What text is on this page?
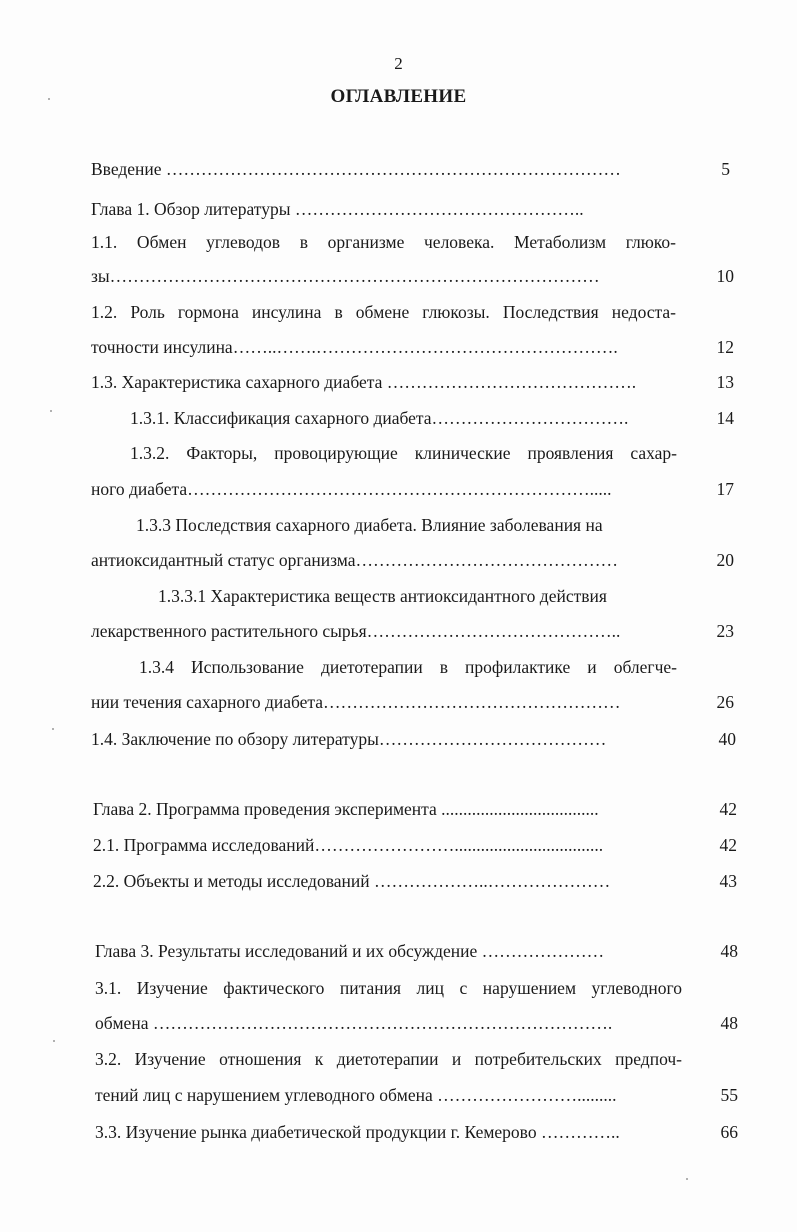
2
ОГЛАВЛЕНИЕ
Введение ……………………………………………………………………	5
Глава 1. Обзор литературы …………………………………………..
1.1. Обмен углеводов в организме человека. Метаболизм глюко-
зы…………………………………………………………………………	10
1.2. Роль гормона инсулина в обмене глюкозы. Последствия недоста-
точности инсулина……..…….…………………………………………….	12
1.3. Характеристика сахарного диабета …………………………………….	13
1.3.1. Классификация сахарного диабета…………………………….	14
1.3.2. Факторы, провоцирующие клинические проявления сахар-
ного диабета…………………………………………………………….....	17
1.3.3 Последствия сахарного диабета. Влияние заболевания на
антиоксидантный статус организма………………………………………	20
1.3.3.1 Характеристика веществ антиоксидантного действия
лекарственного растительного сырья……………………………………..	23
1.3.4 Использование диетотерапии в профилактике и облегче-
нии течения сахарного диабета……………………………………………	26
1.4. Заключение по обзору литературы…………………………………	40
Глава 2. Программа проведения эксперимента ....................................	42
2.1. Программа исследований……………………..................................	42
2.2. Объекты и методы исследований ………………..…………………	43
Глава 3. Результаты исследований и их обсуждение …………………	48
3.1. Изучение фактического питания лиц с нарушением углеводного
обмена …………………………………………………………………….	48
3.2. Изучение отношения к диетотерапии и потребительских предпоч-
тений лиц с нарушением углеводного обмена …………………….........	55
3.3. Изучение рынка диабетической продукции г. Кемерово …………..	66
